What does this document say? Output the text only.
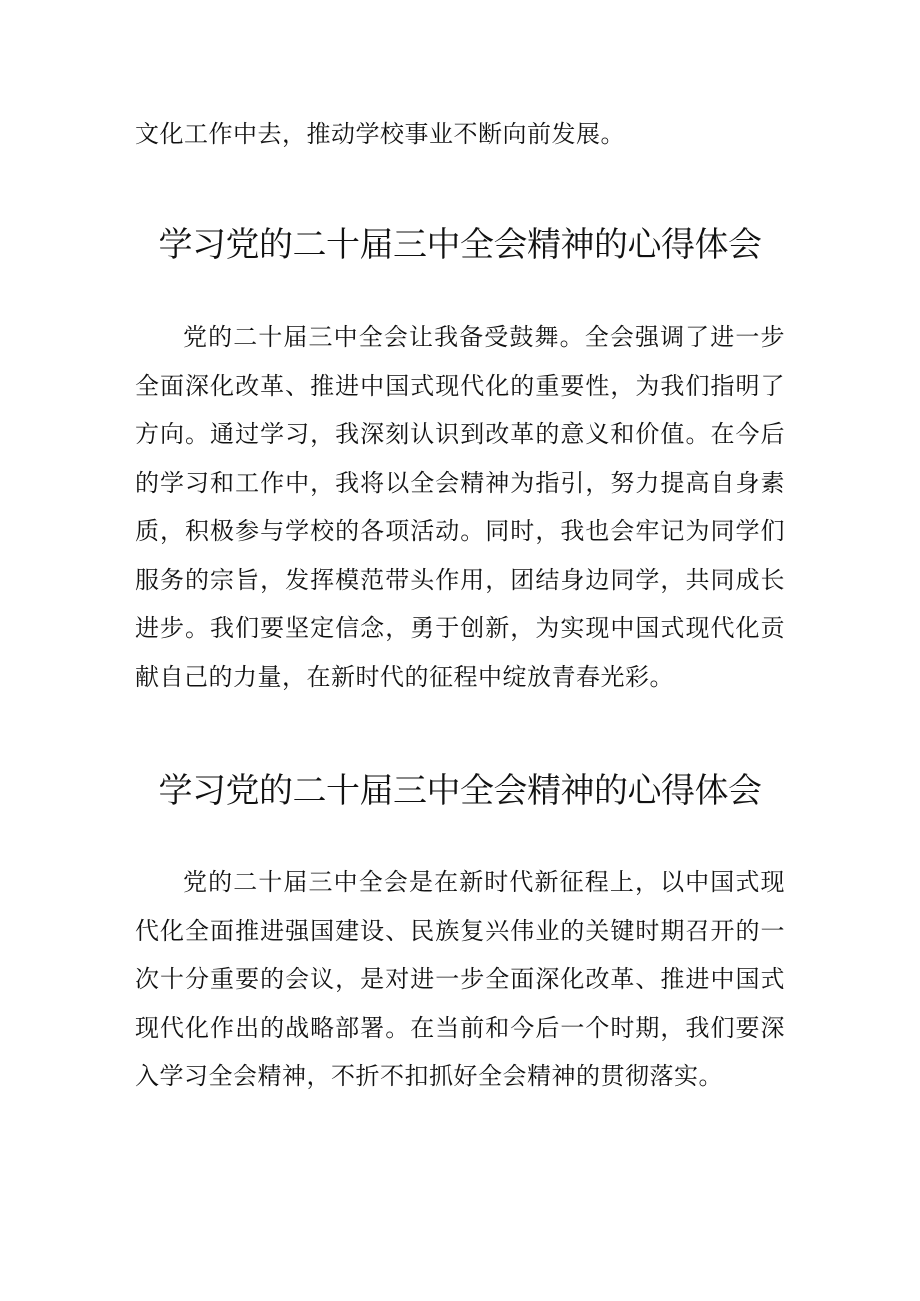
文化工作中去，推动学校事业不断向前发展。

学习党的二十届三中全会精神的心得体会

党的二十届三中全会让我备受鼓舞。全会强调了进一步全面深化改革、推进中国式现代化的重要性，为我们指明了方向。通过学习，我深刻认识到改革的意义和价值。在今后的学习和工作中，我将以全会精神为指引，努力提高自身素质，积极参与学校的各项活动。同时，我也会牢记为同学们服务的宗旨，发挥模范带头作用，团结身边同学，共同成长进步。我们要坚定信念，勇于创新，为实现中国式现代化贡献自己的力量，在新时代的征程中绽放青春光彩。

学习党的二十届三中全会精神的心得体会

党的二十届三中全会是在新时代新征程上，以中国式现代化全面推进强国建设、民族复兴伟业的关键时期召开的一次十分重要的会议，是对进一步全面深化改革、推进中国式现代化作出的战略部署。在当前和今后一个时期，我们要深入学习全会精神，不折不扣抓好全会精神的贯彻落实。
